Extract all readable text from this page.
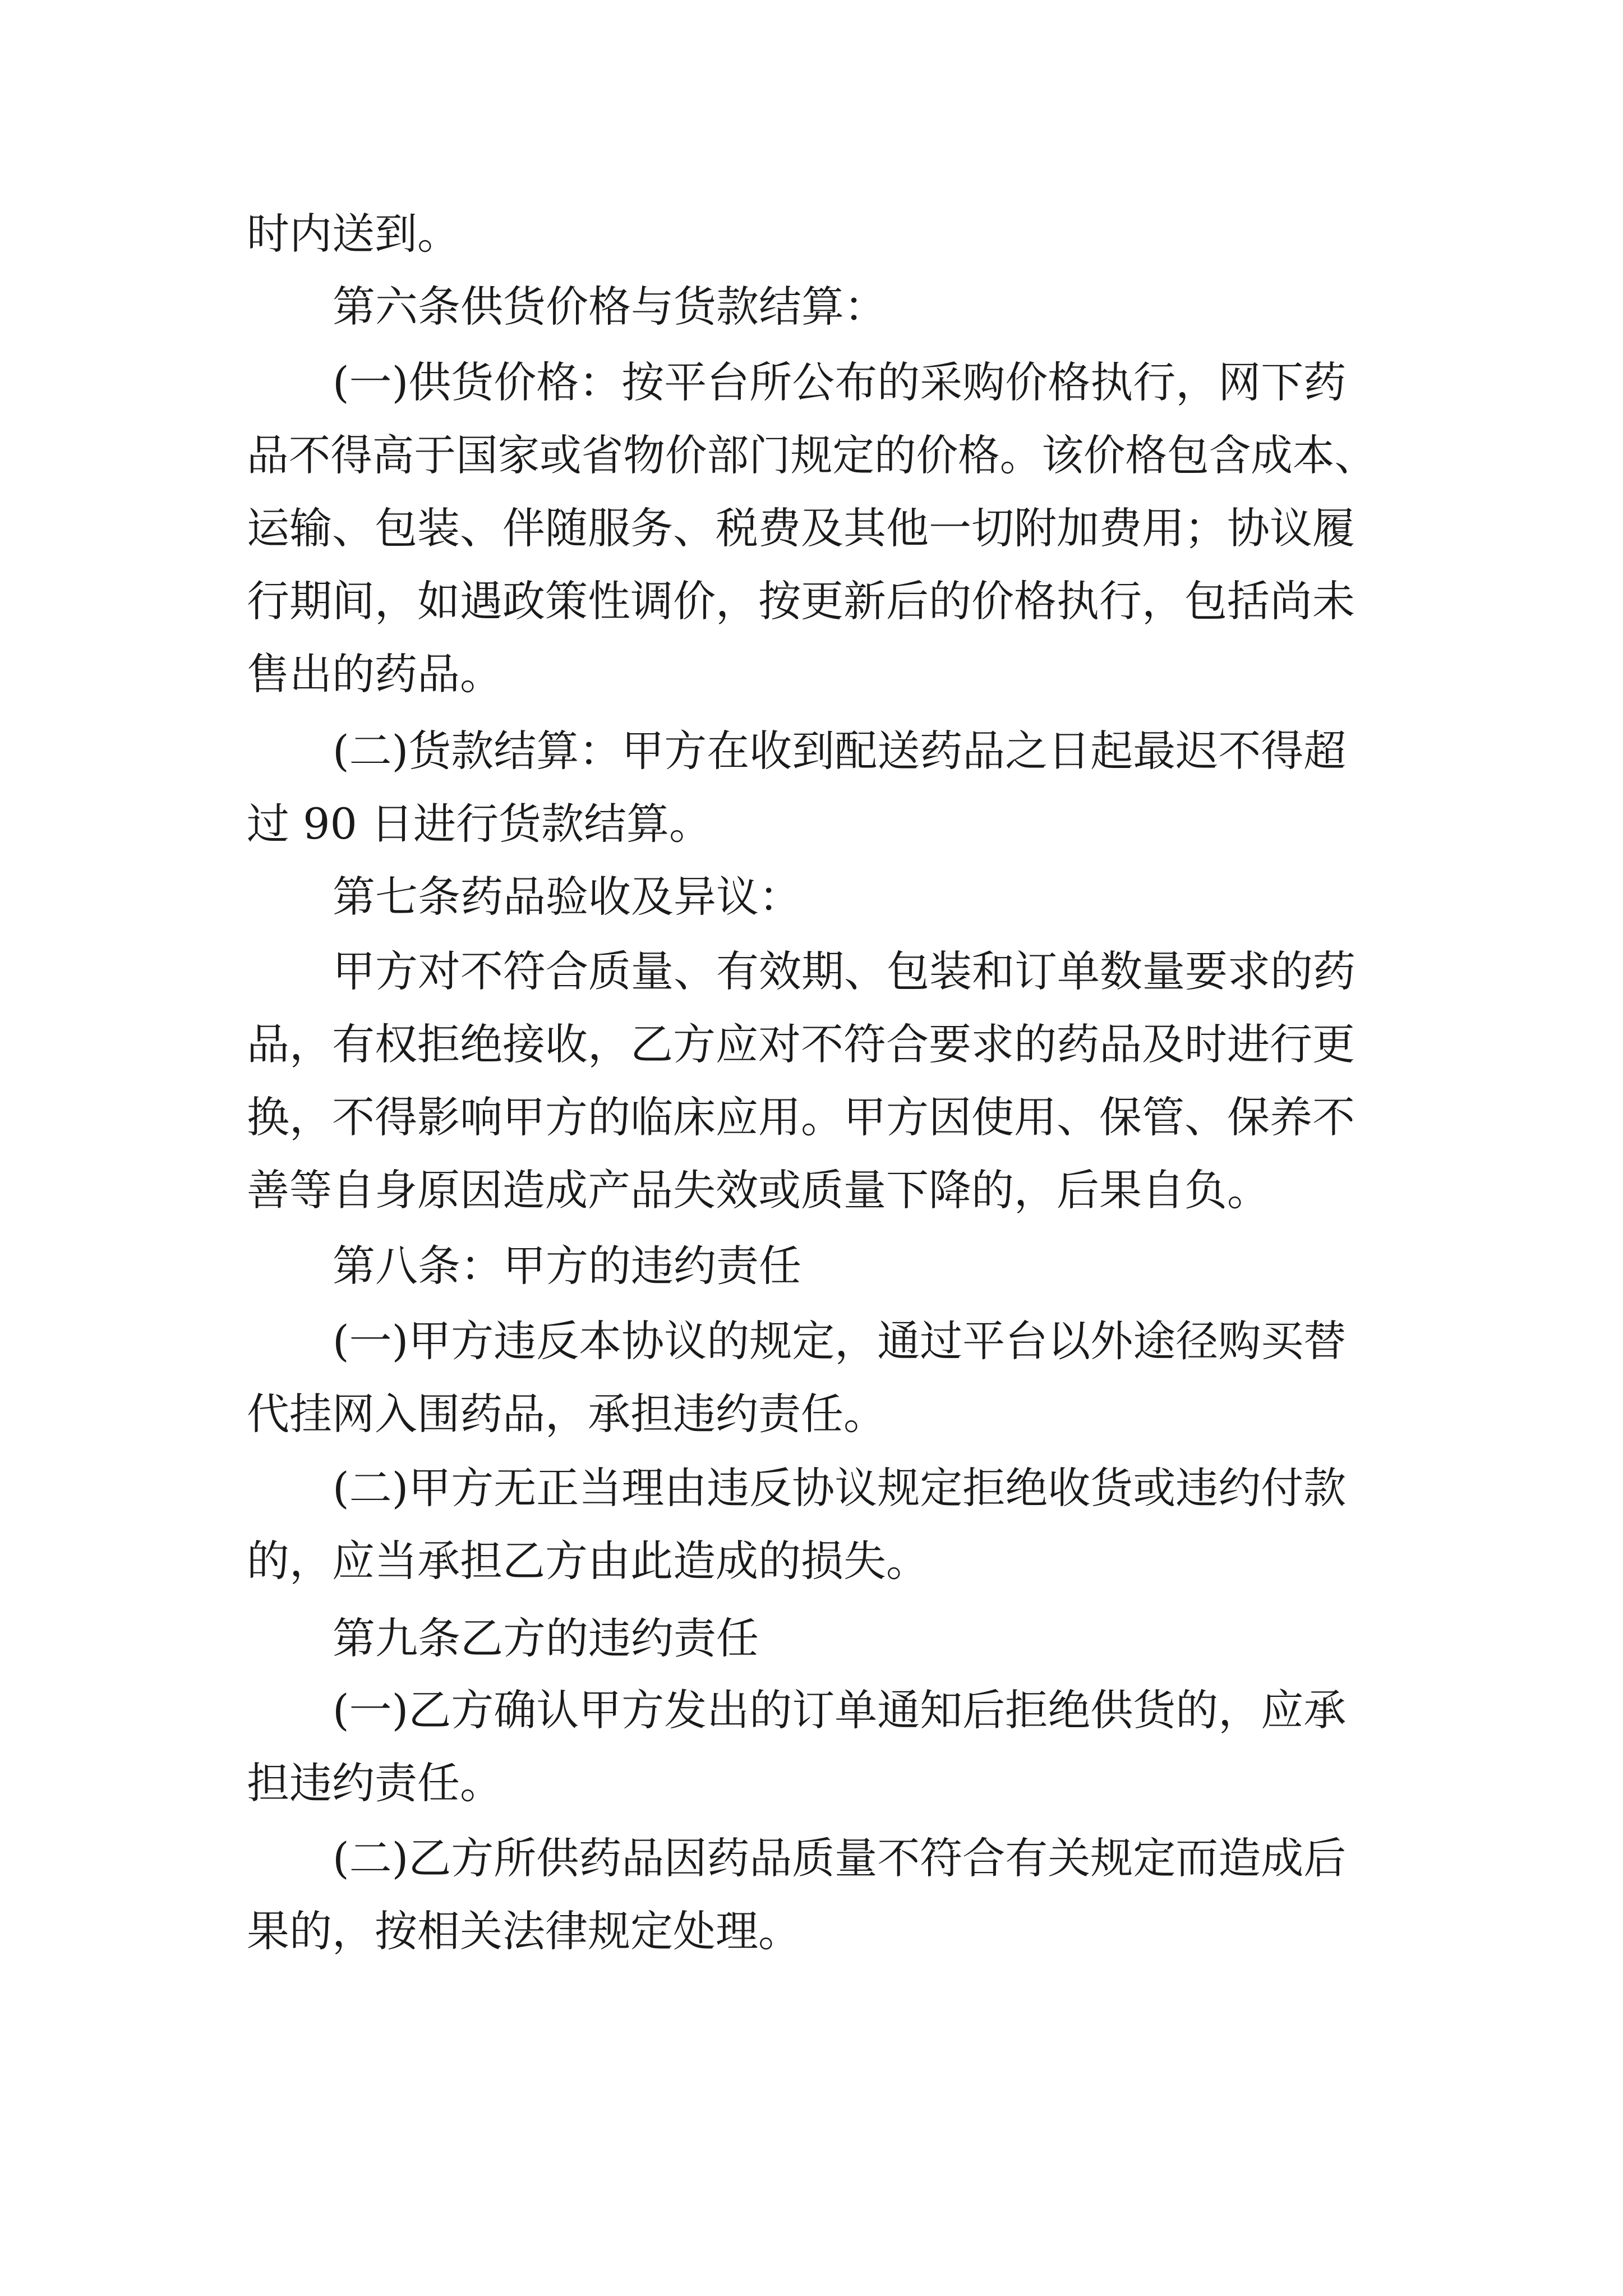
时内送到。

第六条供货价格与货款结算：

(一)供货价格：按平台所公布的采购价格执行，网下药

品不得高于国家或省物价部门规定的价格。该价格包含成本、

运输、包装、伴随服务、税费及其他一切附加费用；协议履

行期间，如遇政策性调价，按更新后的价格执行，包括尚未

售出的药品。

(二)货款结算：甲方在收到配送药品之日起最迟不得超

过 90 日进行货款结算。

第七条药品验收及异议：

甲方对不符合质量、有效期、包装和订单数量要求的药

品，有权拒绝接收，乙方应对不符合要求的药品及时进行更

换，不得影响甲方的临床应用。甲方因使用、保管、保养不

善等自身原因造成产品失效或质量下降的，后果自负。

第八条：甲方的违约责任

(一)甲方违反本协议的规定，通过平台以外途径购买替

代挂网入围药品，承担违约责任。

(二)甲方无正当理由违反协议规定拒绝收货或违约付款

的，应当承担乙方由此造成的损失。

第九条乙方的违约责任

(一)乙方确认甲方发出的订单通知后拒绝供货的，应承

担违约责任。

(二)乙方所供药品因药品质量不符合有关规定而造成后

果的，按相关法律规定处理。
